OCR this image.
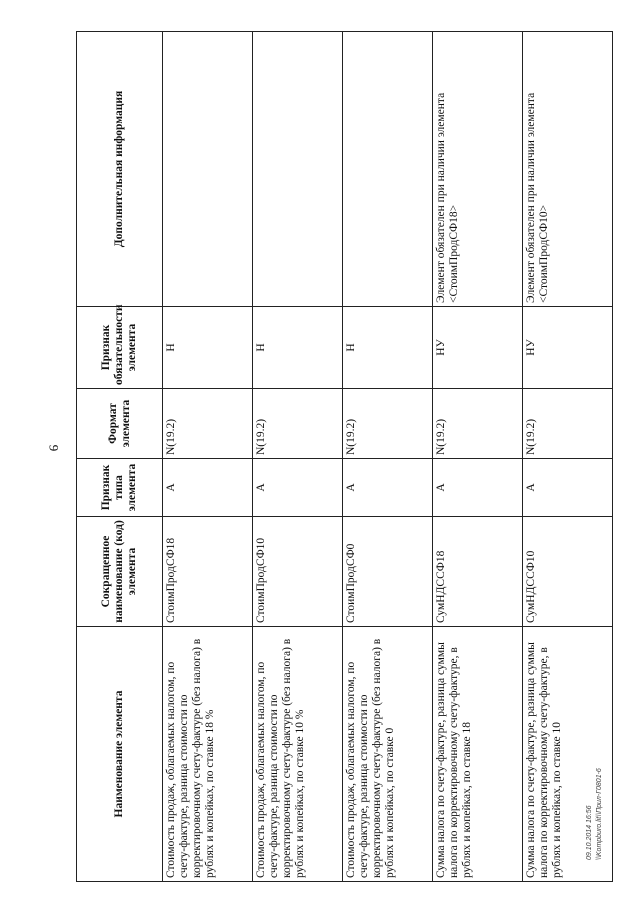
9
Наименование элемента	Сокращенное наименование (код) элемента	Признак типа элемента	Формат элемента	Признак обязательности элемента	Дополнительная информация
Стоимость продаж, облагаемых налогом, по счету-фактуре, разница стоимости по корректировочному счету-фактуре (без налога) в рублях и копейках, по ставке 18 %	СтоимПродСФ18	А	N(19.2)	Н	
Стоимость продаж, облагаемых налогом, по счету-фактуре, разница стоимости по корректировочному счету-фактуре (без налога) в рублях и копейках, по ставке 10 %	СтоимПродСФ10	А	N(19.2)	Н	
Стоимость продаж, облагаемых налогом, по счету-фактуре, разница стоимости по корректировочному счету-фактуре (без налога) в рублях и копейках, по ставке 0	СтоимПродСФ0	А	N(19.2)	Н	
Сумма налога по счету-фактуре, разница суммы налога по корректировочному счету-фактуре, в рублях и копейках, по ставке 18	СумНДССФ18	А	N(19.2)	НУ	Элемент обязателен при наличии элемента <СтоимПродСФ18>
Сумма налога по счету-фактуре, разница суммы налога по корректировочному счету-фактуре, в рублях и копейках, по ставке 10	СумНДССФ10	А	N(19.2)	НУ	Элемент обязателен при наличии элемента <СтоимПродСФ10>
09.10.2014 16:56 \\Kompburo.lit\\Прил-Г0801-6
